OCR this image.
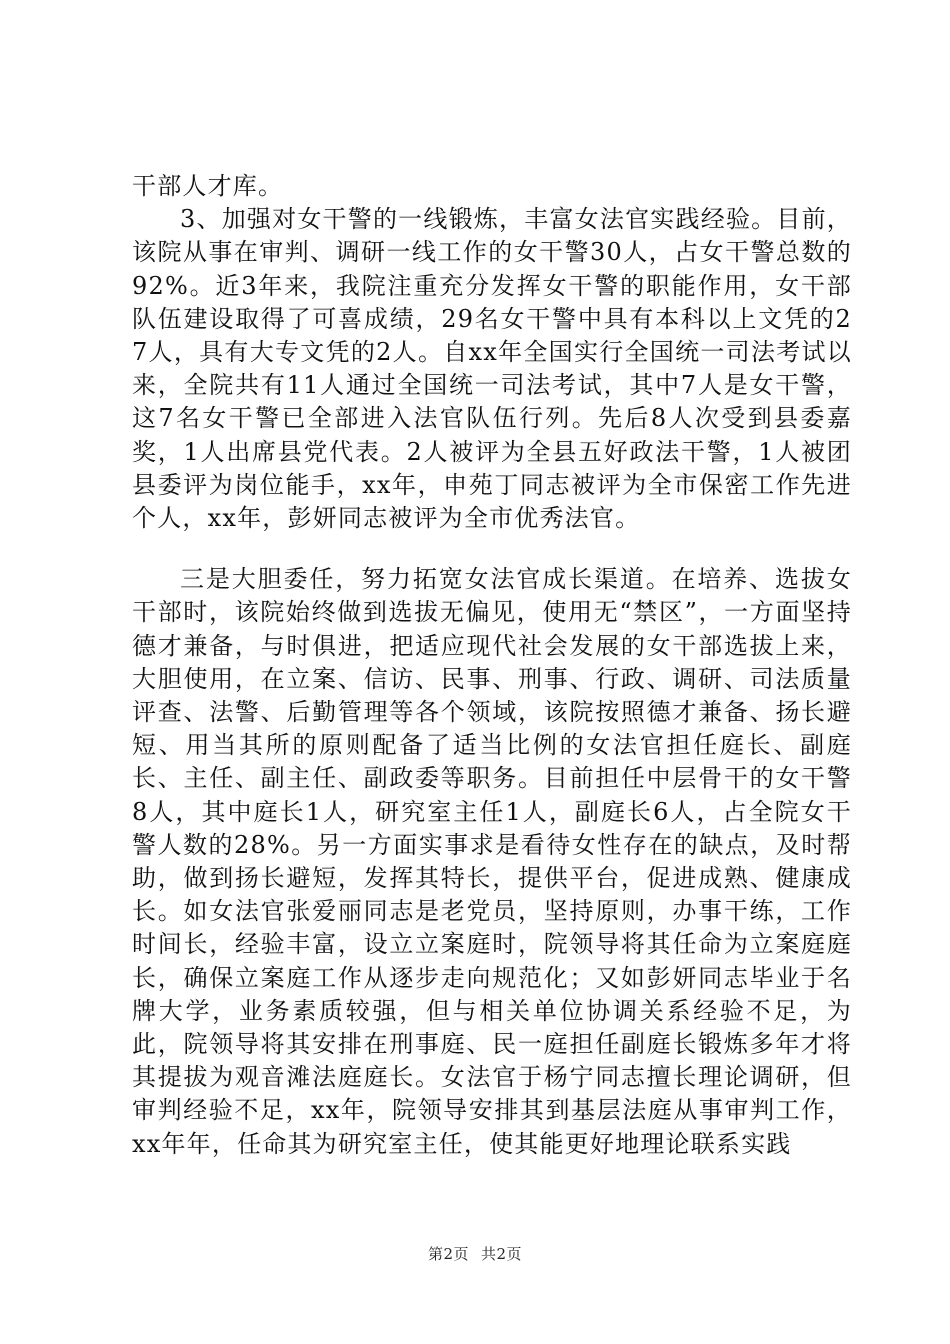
干部人才库。

3、加强对女干警的一线锻炼，丰富女法官实践经验。目前，该院从事在审判、调研一线工作的女干警30人，占女干警总数的92%。近3年来，我院注重充分发挥女干警的职能作用，女干部队伍建设取得了可喜成绩，29名女干警中具有本科以上文凭的27人，具有大专文凭的2人。自xx年全国实行全国统一司法考试以来，全院共有11人通过全国统一司法考试，其中7人是女干警，这7名女干警已全部进入法官队伍行列。先后8人次受到县委嘉奖，1人出席县党代表。2人被评为全县五好政法干警，1人被团县委评为岗位能手，xx年，申苑丁同志被评为全市保密工作先进个人，xx年，彭妍同志被评为全市优秀法官。

三是大胆委任，努力拓宽女法官成长渠道。在培养、选拔女干部时，该院始终做到选拔无偏见，使用无“禁区”，一方面坚持德才兼备，与时俱进，把适应现代社会发展的女干部选拔上来，大胆使用，在立案、信访、民事、刑事、行政、调研、司法质量评查、法警、后勤管理等各个领域，该院按照德才兼备、扬长避短、用当其所的原则配备了适当比例的女法官担任庭长、副庭长、主任、副主任、副政委等职务。目前担任中层骨干的女干警8人，其中庭长1人，研究室主任1人，副庭长6人，占全院女干警人数的28%。另一方面实事求是看待女性存在的缺点，及时帮助，做到扬长避短，发挥其特长，提供平台，促进成熟、健康成长。如女法官张爱丽同志是老党员，坚持原则，办事干练，工作时间长，经验丰富，设立立案庭时，院领导将其任命为立案庭庭长，确保立案庭工作从逐步走向规范化；又如彭妍同志毕业于名牌大学，业务素质较强，但与相关单位协调关系经验不足，为此，院领导将其安排在刑事庭、民一庭担任副庭长锻炼多年才将其提拔为观音滩法庭庭长。女法官于杨宁同志擅长理论调研，但审判经验不足，xx年，院领导安排其到基层法庭从事审判工作，xx年年，任命其为研究室主任，使其能更好地理论联系实践

第2页 共2页
